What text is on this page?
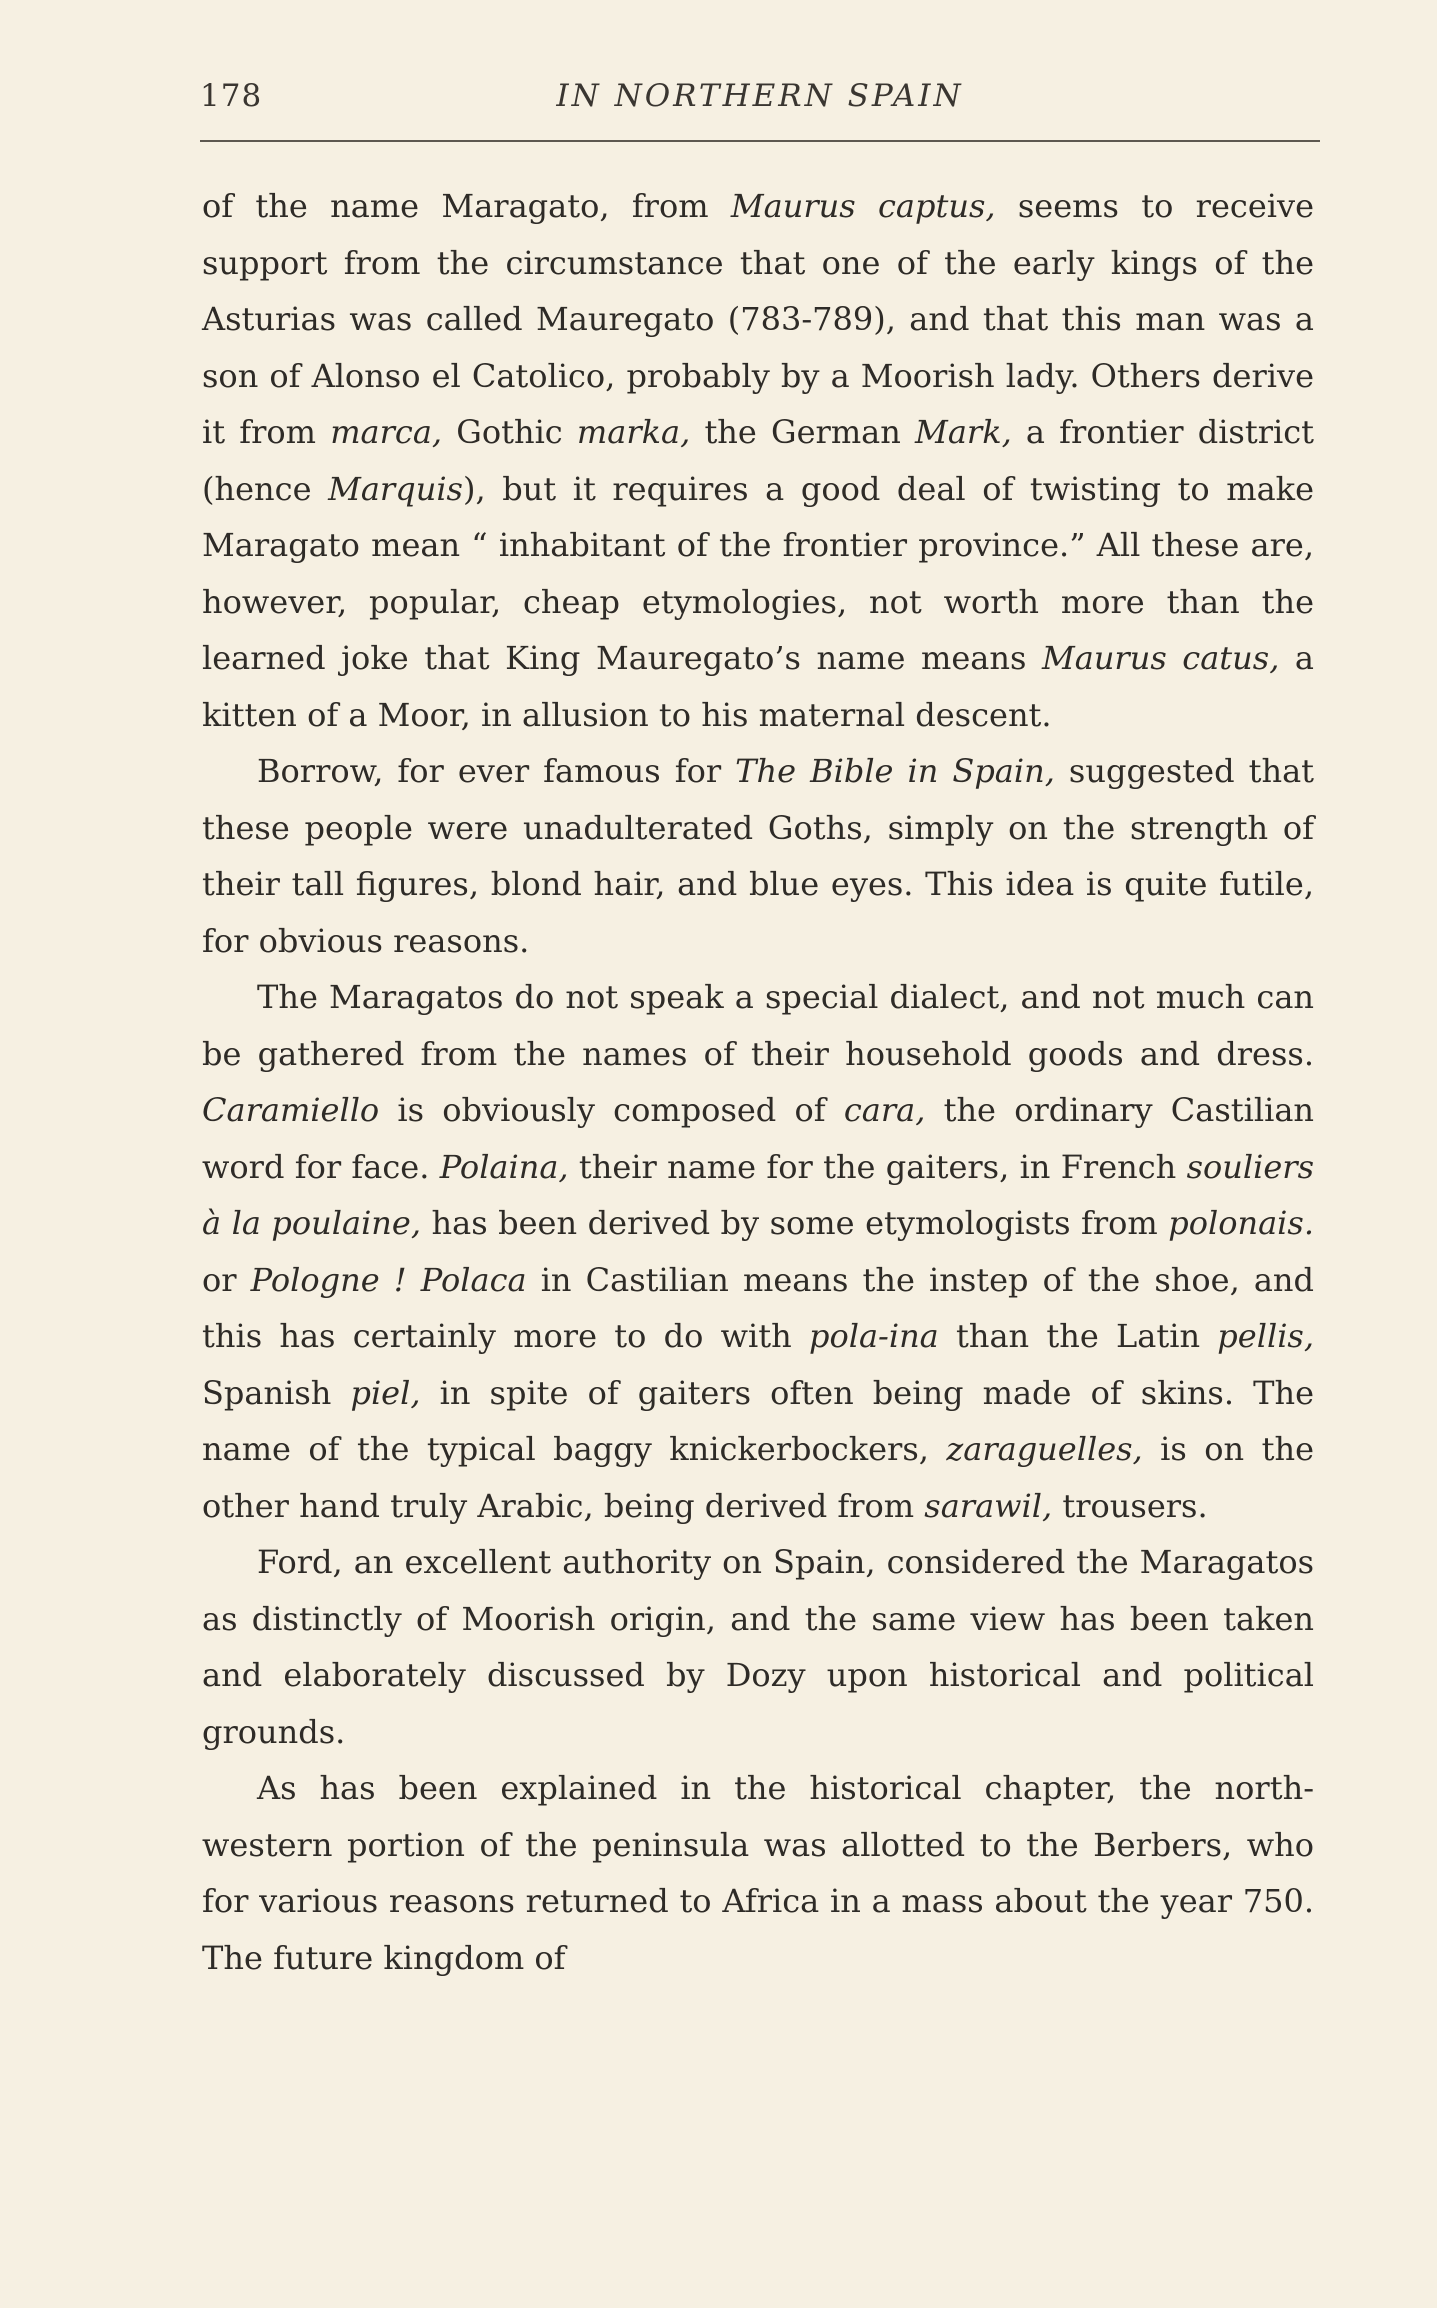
178	IN NORTHERN SPAIN

of the name Maragato, from Maurus captus, seems to receive support from the circumstance that one of the early kings of the Asturias was called Mauregato (783-789), and that this man was a son of Alonso el Catolico, probably by a Moorish lady. Others derive it from marca, Gothic marka, the German Mark, a frontier district (hence Marquis), but it requires a good deal of twisting to make Maragato mean “ inhabitant of the frontier province.” All these are, however, popular, cheap etymologies, not worth more than the learned joke that King Mauregato’s name means Maurus catus, a kitten of a Moor, in allusion to his maternal descent.

Borrow, for ever famous for The Bible in Spain, suggested that these people were unadulterated Goths, simply on the strength of their tall figures, blond hair, and blue eyes. This idea is quite futile, for obvious reasons.

The Maragatos do not speak a special dialect, and not much can be gathered from the names of their household goods and dress. Caramiello is obviously composed of cara, the ordinary Castilian word for face. Polaina, their name for the gaiters, in French souliers à la poulaine, has been derived by some etymologists from polonais. or Pologne ! Polaca in Castilian means the instep of the shoe, and this has certainly more to do with pola-ina than the Latin pellis, Spanish piel, in spite of gaiters often being made of skins. The name of the typical baggy knickerbockers, zaraguelles, is on the other hand truly Arabic, being derived from sarawil, trousers.

Ford, an excellent authority on Spain, considered the Maragatos as distinctly of Moorish origin, and the same view has been taken and elaborately discussed by Dozy upon historical and political grounds.

As has been explained in the historical chapter, the north-western portion of the peninsula was allotted to the Berbers, who for various reasons returned to Africa in a mass about the year 750. The future kingdom of
